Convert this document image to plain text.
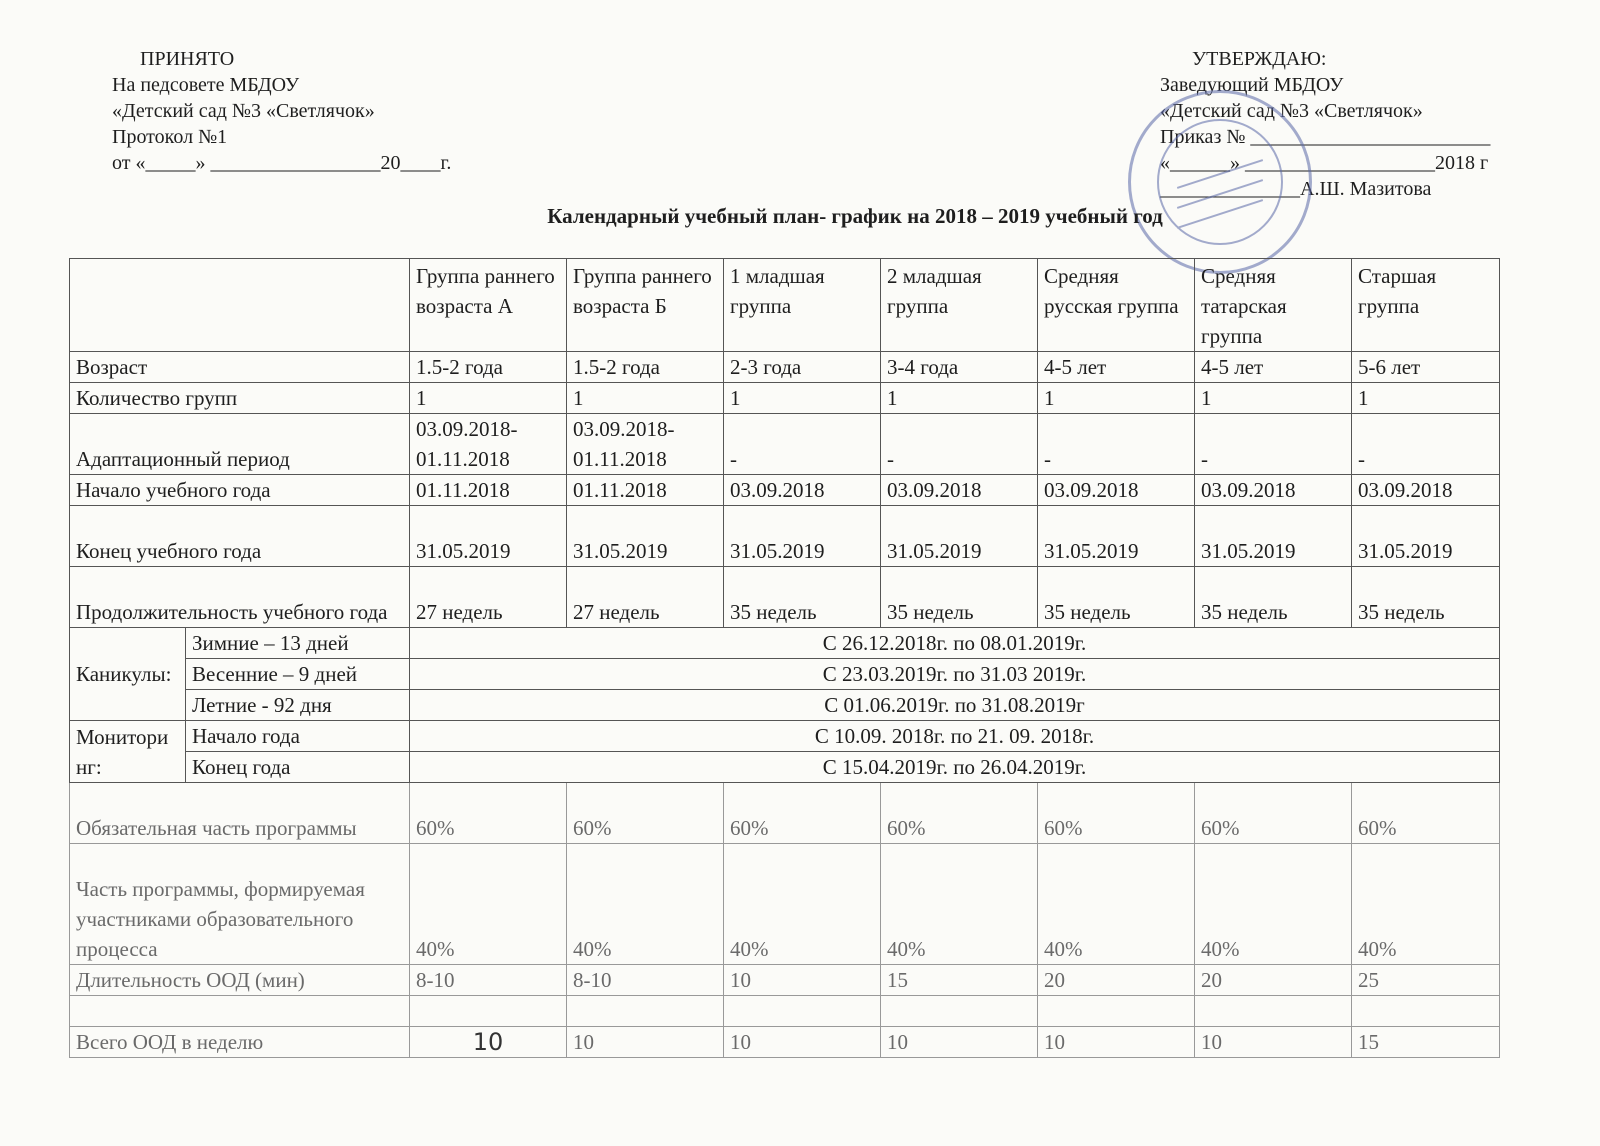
ПРИНЯТО
На педсовете МБДОУ
«Детский сад №3 «Светлячок»
Протокол №1
от «_____» _________________20____г.
УТВЕРЖДАЮ:
Заведующий МБДОУ
«Детский сад №3 «Светлячок»
Приказ № ________________________
«______» ___________________2018 г
______________А.Ш. Мазитова
Календарный учебный план- график на 2018 – 2019 учебный год
		Группа раннего возраста А	Группа раннего возраста Б	1 младшая группа	2 младшая группа	Средняя русская группа	Средняя татарская группа	Старшая группа
Возраст		1.5-2 года	1.5-2 года	2-3 года	3-4 года	4-5 лет	4-5 лет	5-6 лет
Количество групп		1	1	1	1	1	1	1
Адаптационный период		03.09.2018-01.11.2018	03.09.2018-01.11.2018	-	-	-	-	-
Начало учебного года		01.11.2018	01.11.2018	03.09.2018	03.09.2018	03.09.2018	03.09.2018	03.09.2018
Конец учебного года		31.05.2019	31.05.2019	31.05.2019	31.05.2019	31.05.2019	31.05.2019	31.05.2019
Продолжительность учебного года		27 недель	27 недель	35 недель	35 недель	35 недель	35 недель	35 недель
Каникулы:	Зимние – 13 дней	С 26.12.2018г. по 08.01.2019г.						
	Весенние – 9 дней	С 23.03.2019г. по 31.03 2019г.						
	Летние - 92 дня	С 01.06.2019г. по 31.08.2019г						
Мониторинг:	Начало года	С 10.09. 2018г. по 21. 09. 2018г.						
	Конец года	С 15.04.2019г. по 26.04.2019г.						
Обязательная часть программы		60%	60%	60%	60%	60%	60%	60%
Часть программы, формируемая участниками образовательного процесса		40%	40%	40%	40%	40%	40%	40%
Длительность ООД (мин)		8-10	8-10	10	15	20	20	25

Всего ООД в неделю		10	10	10	10	10	10	15
